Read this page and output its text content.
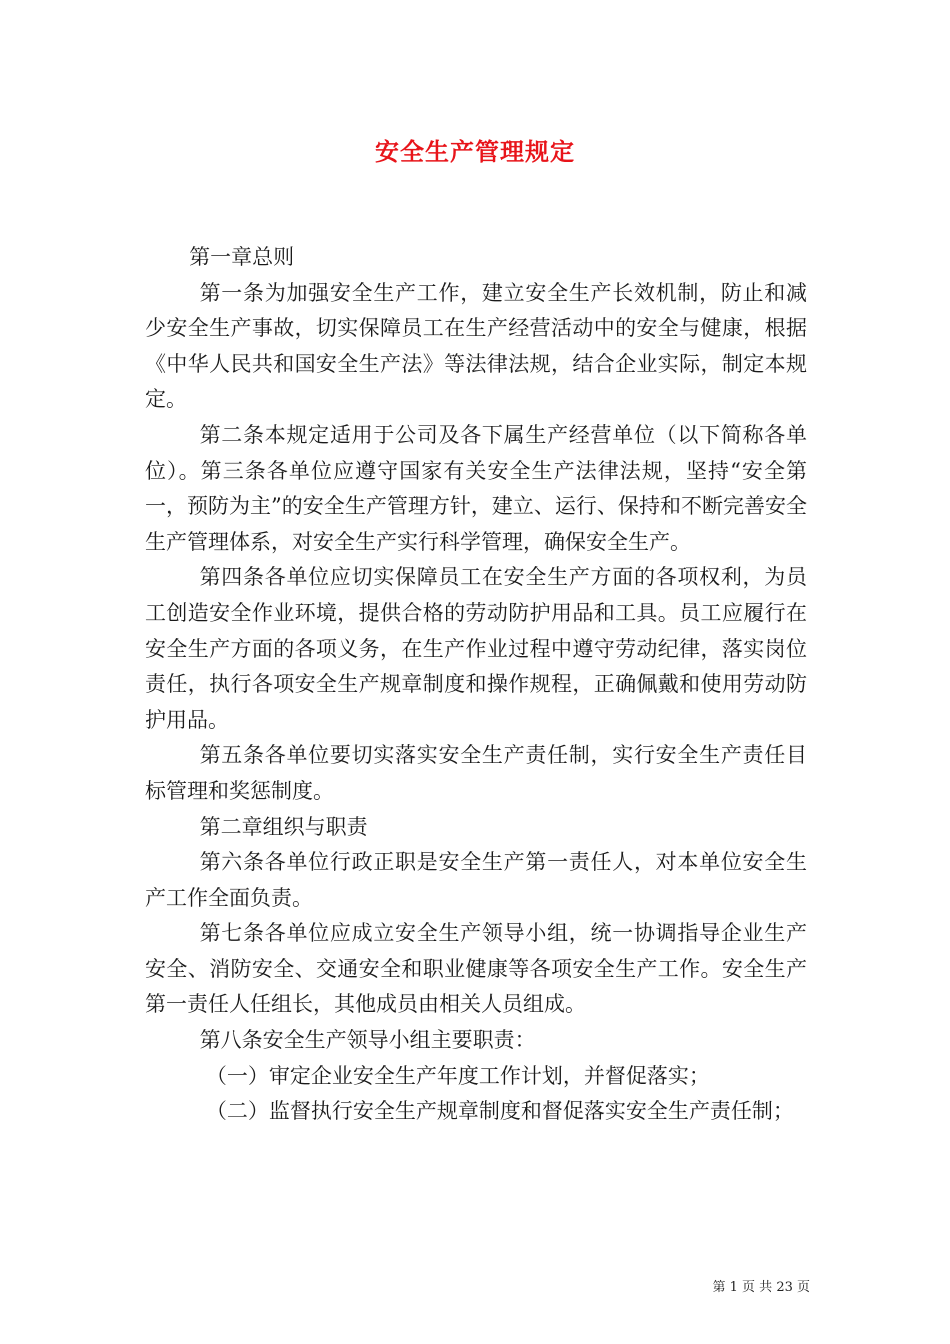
安全生产管理规定

第一章总则

第一条为加强安全生产工作，建立安全生产长效机制，防止和减少安全生产事故，切实保障员工在生产经营活动中的安全与健康，根据《中华人民共和国安全生产法》等法律法规，结合企业实际，制定本规定。

第二条本规定适用于公司及各下属生产经营单位（以下简称各单位）。第三条各单位应遵守国家有关安全生产法律法规，坚持“安全第一，预防为主”的安全生产管理方针，建立、运行、保持和不断完善安全生产管理体系，对安全生产实行科学管理，确保安全生产。

第四条各单位应切实保障员工在安全生产方面的各项权利，为员工创造安全作业环境，提供合格的劳动防护用品和工具。员工应履行在安全生产方面的各项义务，在生产作业过程中遵守劳动纪律，落实岗位责任，执行各项安全生产规章制度和操作规程，正确佩戴和使用劳动防护用品。

第五条各单位要切实落实安全生产责任制，实行安全生产责任目标管理和奖惩制度。

第二章组织与职责

第六条各单位行政正职是安全生产第一责任人，对本单位安全生产工作全面负责。

第七条各单位应成立安全生产领导小组，统一协调指导企业生产安全、消防安全、交通安全和职业健康等各项安全生产工作。安全生产第一责任人任组长，其他成员由相关人员组成。

第八条安全生产领导小组主要职责：

（一）审定企业安全生产年度工作计划，并督促落实；

（二）监督执行安全生产规章制度和督促落实安全生产责任制；

第 1 页 共 23 页
